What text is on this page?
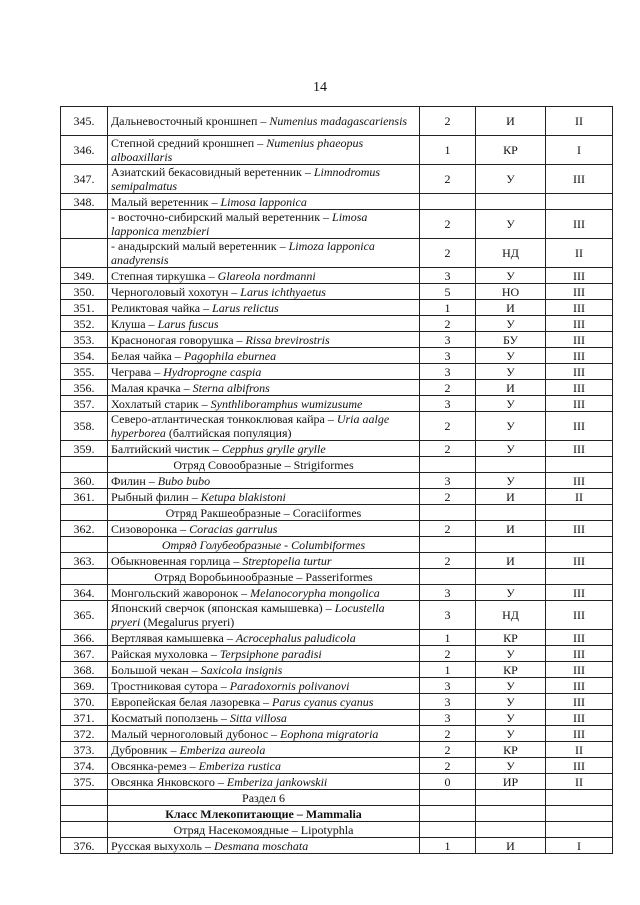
14
345.	Дальневосточный кроншнеп – Numenius madagascariensis	2	И	II
346.	Степной средний кроншнеп – Numenius phaeopus alboaxillaris	1	КР	I
347.	Азиатский бекасовидный веретенник – Limnodromus semipalmatus	2	У	III
348.	Малый веретенник – Limosa lapponica			
	- восточно-сибирский малый веретенник – Limosa lapponica menzbieri	2	У	III
	- анадырский малый веретенник – Limoza lapponica anadyrensis	2	НД	II
349.	Степная тиркушка – Glareola nordmanni	3	У	III
350.	Черноголовый хохотун – Larus ichthyaetus	5	НО	III
351.	Реликтовая чайка – Larus relictus	1	И	III
352.	Клуша – Larus fuscus	2	У	III
353.	Красноногая говорушка – Rissa brevirostris	3	БУ	III
354.	Белая чайка – Pagophila eburnea	3	У	III
355.	Чеграва – Hydroprogne caspia	3	У	III
356.	Малая крачка – Sterna albifrons	2	И	III
357.	Хохлатый старик – Synthliboramphus wumizusume	3	У	III
358.	Северо-атлантическая тонкоклювая кайра – Uria aalge hyperborea (балтийская популяция)	2	У	III
359.	Балтийский чистик – Cepphus grylle grylle	2	У	III
	Отряд Совообразные – Strigiformes			
360.	Филин – Bubo bubo	3	У	III
361.	Рыбный филин – Ketupa blakistoni	2	И	II
	Отряд Ракшеобразные – Coraciiformes			
362.	Сизоворонка – Coracias garrulus	2	И	III
	Отряд Голубеобразные - Columbiformes			
363.	Обыкновенная горлица – Streptopelia turtur	2	И	III
	Отряд Воробьинообразные – Passeriformes			
364.	Монгольский жаворонок – Melanocorypha mongolica	3	У	III
365.	Японский сверчок (японская камышевка) – Locustella pryeri (Megalurus pryeri)	3	НД	III
366.	Вертлявая камышевка – Acrocephalus paludicola	1	КР	III
367.	Райская мухоловка – Terpsiphone paradisi	2	У	III
368.	Большой чекан – Saxicola insignis	1	КР	III
369.	Тростниковая сутора – Paradoxornis polivanovi	3	У	III
370.	Европейская белая лазоревка – Parus cyanus cyanus	3	У	III
371.	Косматый поползень – Sitta villosa	3	У	III
372.	Малый черноголовый дубонос – Eophona migratoria	2	У	III
373.	Дубровник – Emberiza aureola	2	КР	II
374.	Овсянка-ремез – Emberiza rustica	2	У	III
375.	Овсянка Янковского – Emberiza jankowskii	0	ИР	II
	Раздел 6			
	Класс Млекопитающие – Mammalia			
	Отряд Насекомоядные – Lipotyphla			
376.	Русская выхухоль – Desmana moschata	1	И	I
